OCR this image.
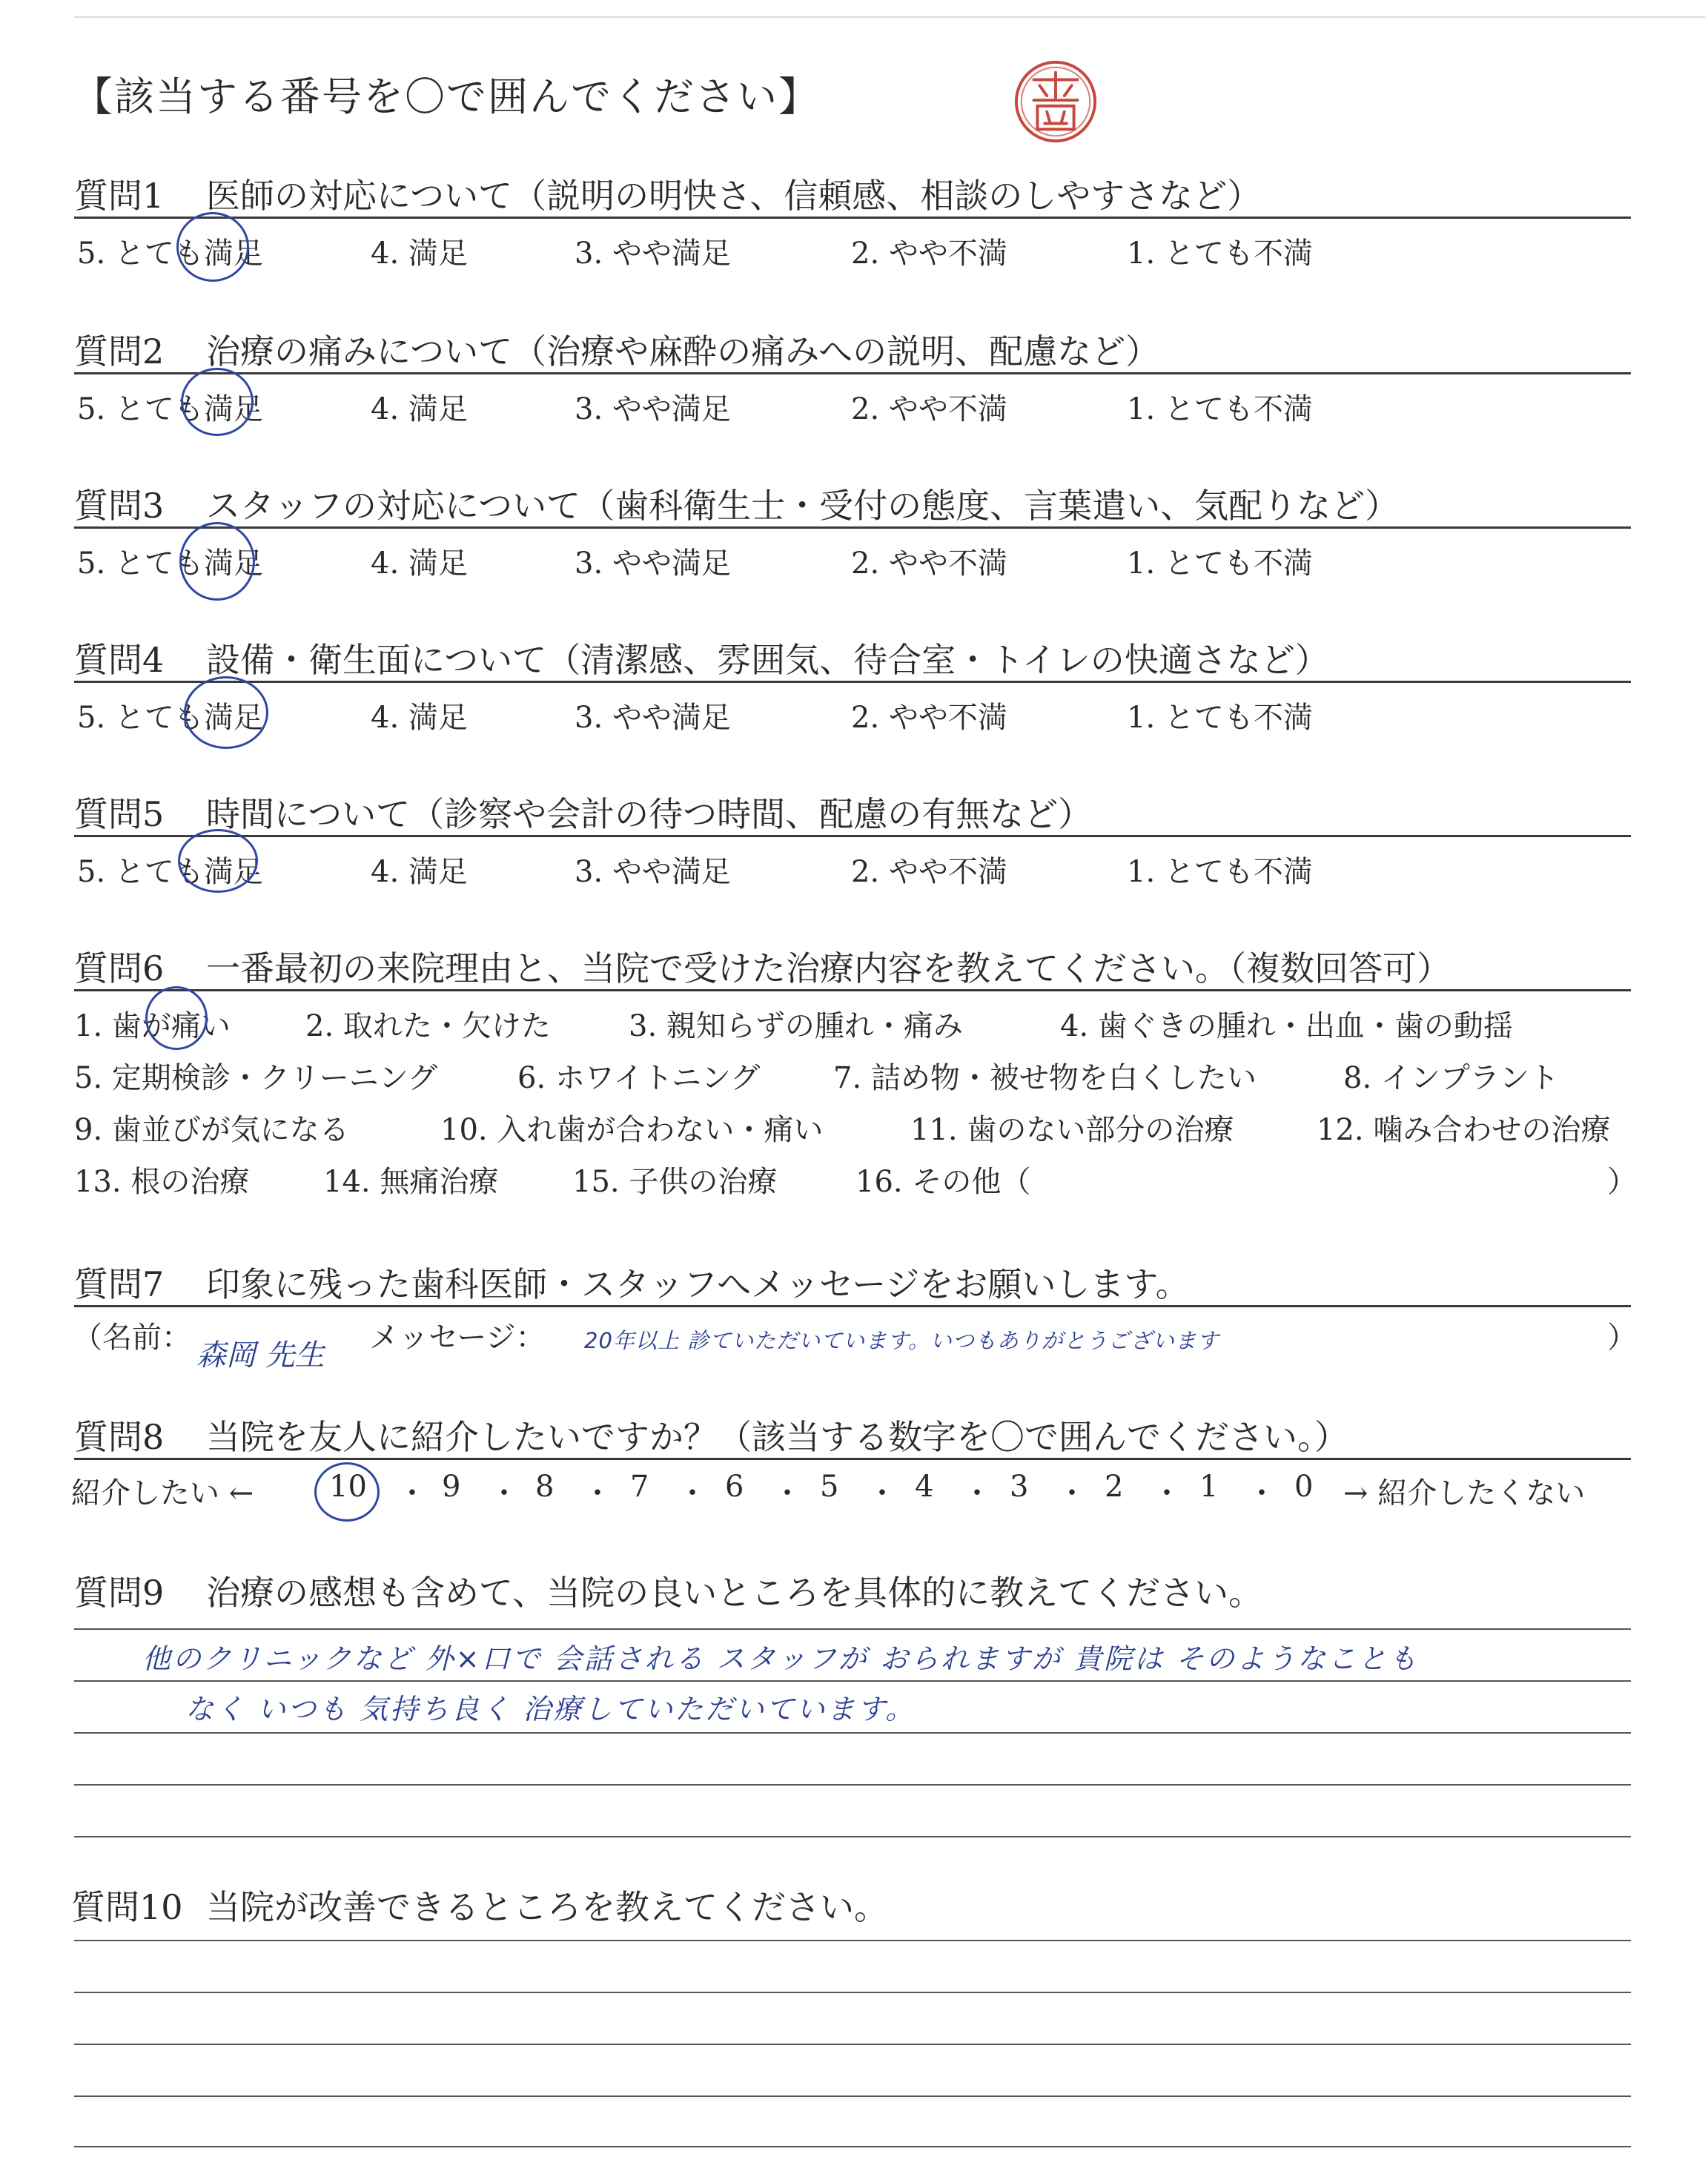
【該当する番号を〇で囲んでください】
質問1 医師の対応について（説明の明快さ、信頼感、相談のしやすさなど）
5. とても満足	4. 満足	3. やや満足	2. やや不満	1. とても不満
質問2 治療の痛みについて（治療や麻酔の痛みへの説明、配慮など）
5. とても満足	4. 満足	3. やや満足	2. やや不満	1. とても不満
質問3 スタッフの対応について（歯科衛生士・受付の態度、言葉遣い、気配りなど）
5. とても満足	4. 満足	3. やや満足	2. やや不満	1. とても不満
質問4 設備・衛生面について（清潔感、雰囲気、待合室・トイレの快適さなど）
5. とても満足	4. 満足	3. やや満足	2. やや不満	1. とても不満
質問5 時間について（診察や会計の待つ時間、配慮の有無など）
5. とても満足	4. 満足	3. やや満足	2. やや不満	1. とても不満
質問6 一番最初の来院理由と、当院で受けた治療内容を教えてください。（複数回答可）
1. 歯が痛い	2. 取れた・欠けた	3. 親知らずの腫れ・痛み	4. 歯ぐきの腫れ・出血・歯の動揺
5. 定期検診・クリーニング	6. ホワイトニング 7. 詰め物・被せ物を白くしたい	8. インプラント
9. 歯並びが気になる	10. 入れ歯が合わない・痛い	11. 歯のない部分の治療	12. 噛み合わせの治療
13. 根の治療 14. 無痛治療 15. 子供の治療	16. その他（	）
質問7 印象に残った歯科医師・スタッフへメッセージをお願いします。
（名前：
森岡 先生
メッセージ： 20年以上 診ていただいています。いつもありがとうございます	）
質問8 当院を友人に紹介したいですか？（該当する数字を〇で囲んでください。）
紹介したい ←	10 ・ 9 ・ 8 ・ 7 ・ 6 ・ 5 ・ 4 ・ 3 ・ 2 ・ 1 ・ 0 → 紹介したくない
質問9 治療の感想も含めて、当院の良いところを具体的に教えてください。
他のクリニックなど 外×口で 会話される スタッフが おられますが 貴院は そのようなことも
なく いつも 気持ち良く 治療していただいています。
質問10 当院が改善できるところを教えてください。
